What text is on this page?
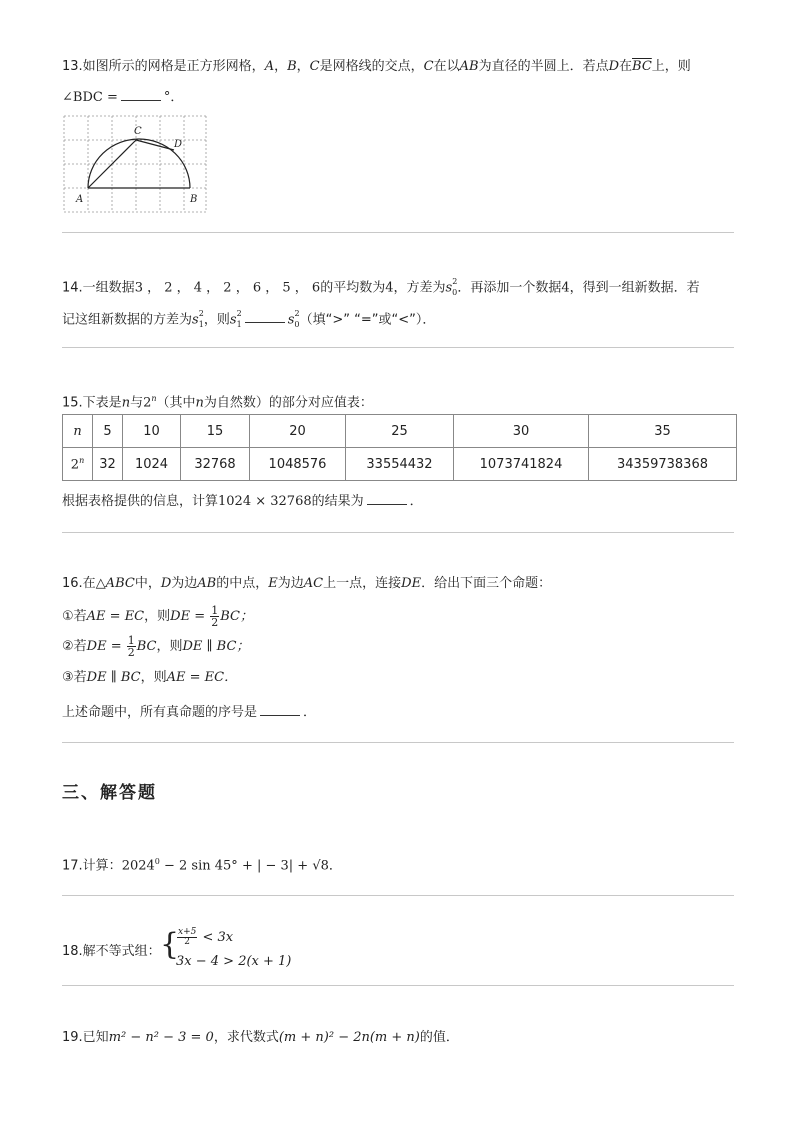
13.如图所示的网格是正方形网格，A，B，C是网格线的交点，C在以AB为直径的半圆上．若点D在$\overline{BC}$上，则
∠BDC =	°．
A	B
C
D
14.一组数据3 ， 2 ， 4 ， 2 ， 6 ， 5 ， 6的平均数为4，方差为$s_0^2$．再添加一个数据4，得到一组新数据．若
记这组新数据的方差为$s_1^2$，则$s_1^2$	$s_0^2$（填“>” “=”或“<”）．
15.下表是n与2$^n$（其中n为自然数）的部分对应值表：
n	5	10	15	20	25	30	35
2$^n$	32	1024	32768	1048576	33554432	1073741824	34359738368
根据表格提供的信息，计算1024 × 32768的结果为	．
16.在△ABC中，D为边AB的中点，E为边AC上一点，连接DE．给出下面三个命题：
①若AE = EC，则DE = $\frac{1}{2}$ BC；
②若DE = $\frac{1}{2}$ BC，则DE ∥ BC；
③若DE ∥ BC，则AE = EC．
上述命题中，所有真命题的序号是	．
三、解答题
17.计算：$2024^0 - 2$ sin 45° + | − 3| + √8．
18.解不等式组： {
$\frac{x+5}{2} < 3x$
3x − 4 > 2(x + 1)
19.已知m² − n² − 3 = 0，求代数式(m + n)² − 2n(m + n)的值．
